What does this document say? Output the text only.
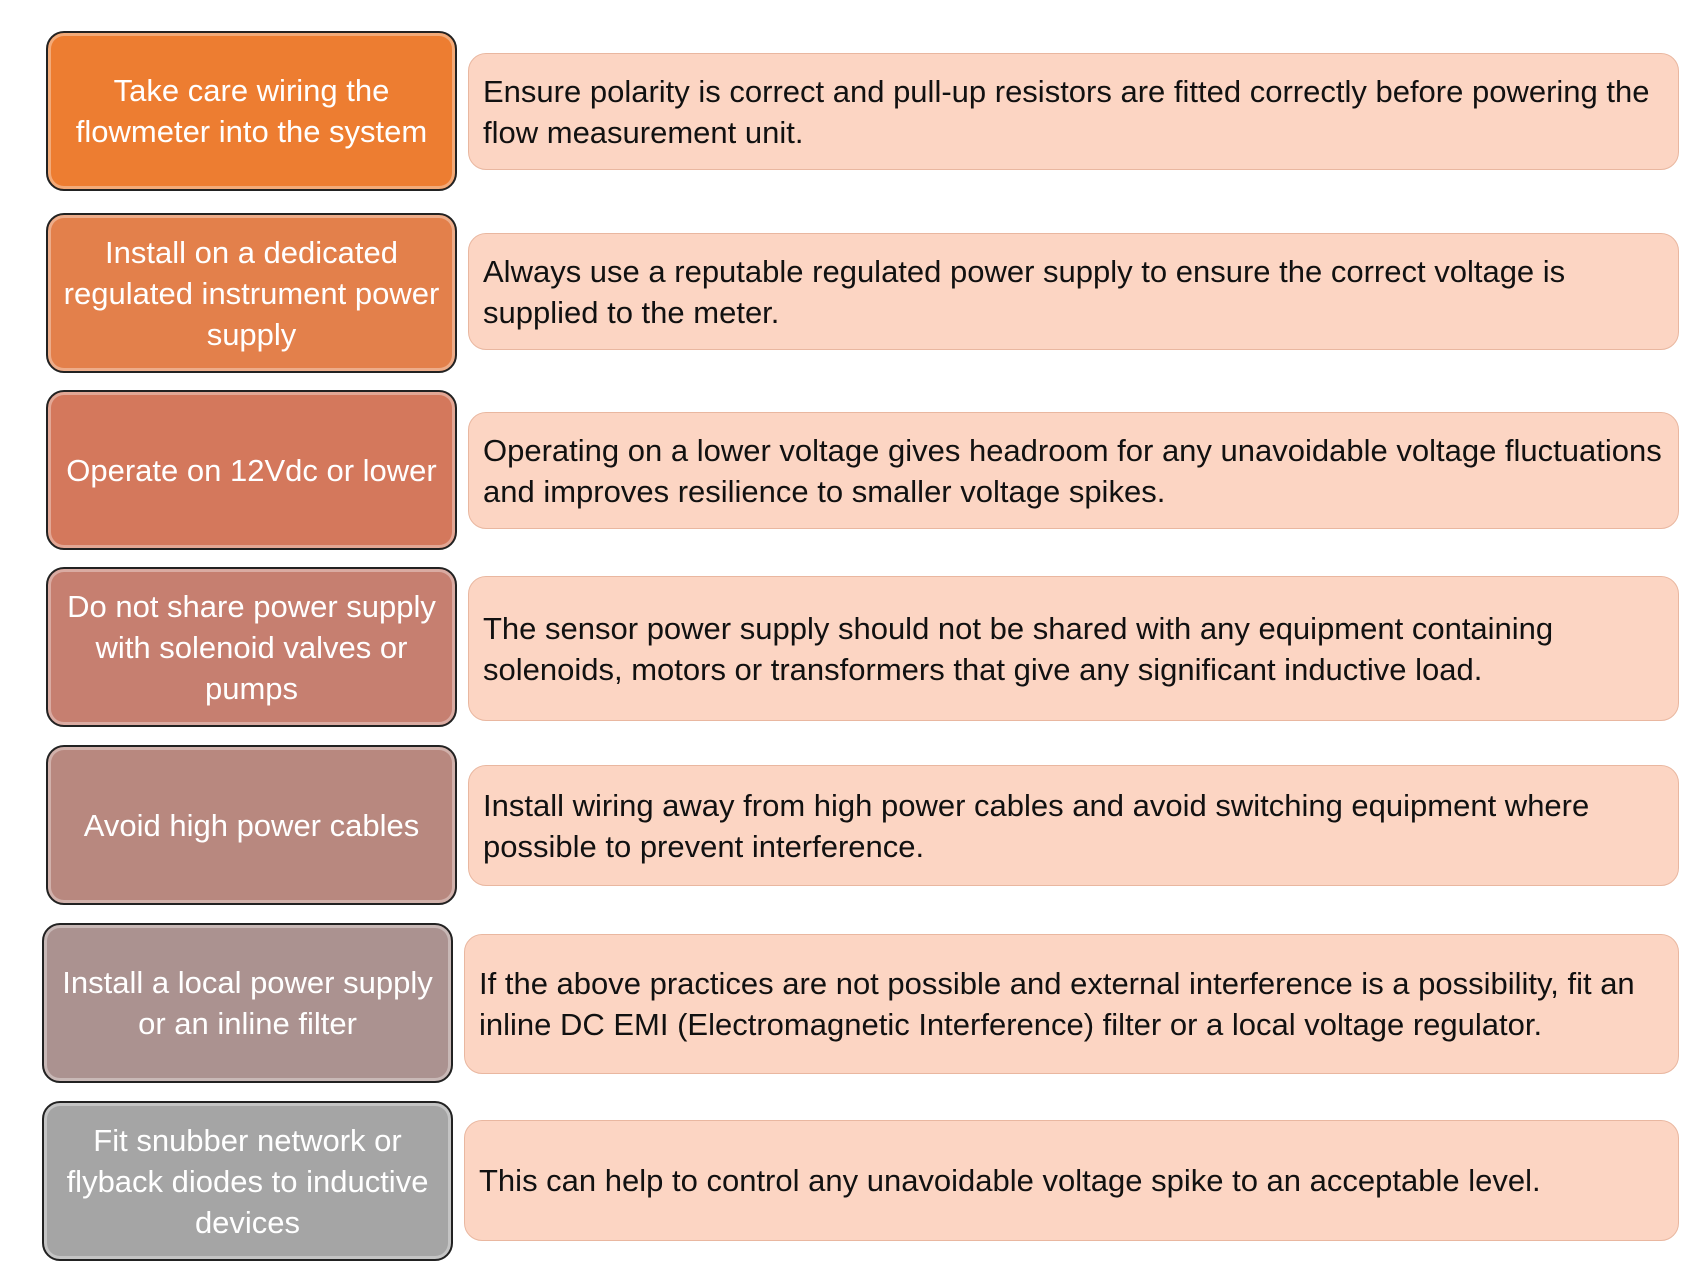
Take care wiring the flowmeter into the system
Ensure polarity is correct and pull-up resistors are fitted correctly before powering the flow measurement unit.
Install on a dedicated regulated instrument power supply
Always use a reputable regulated power supply to ensure the correct voltage is supplied to the meter.
Operate on 12Vdc or lower
Operating on a lower voltage gives headroom for any unavoidable voltage fluctuations and improves resilience to smaller voltage spikes.
Do not share power supply with solenoid valves or pumps
The sensor power supply should not be shared with any equipment containing solenoids, motors or transformers that give any significant inductive load.
Avoid high power cables
Install wiring away from high power cables and avoid switching equipment where possible to prevent interference.
Install a local power supply or an inline filter
If the above practices are not possible and external interference is a possibility, fit an inline DC EMI (Electromagnetic Interference) filter or a local voltage regulator.
Fit snubber network or flyback diodes to inductive devices
This can help to control any unavoidable voltage spike to an acceptable level.
